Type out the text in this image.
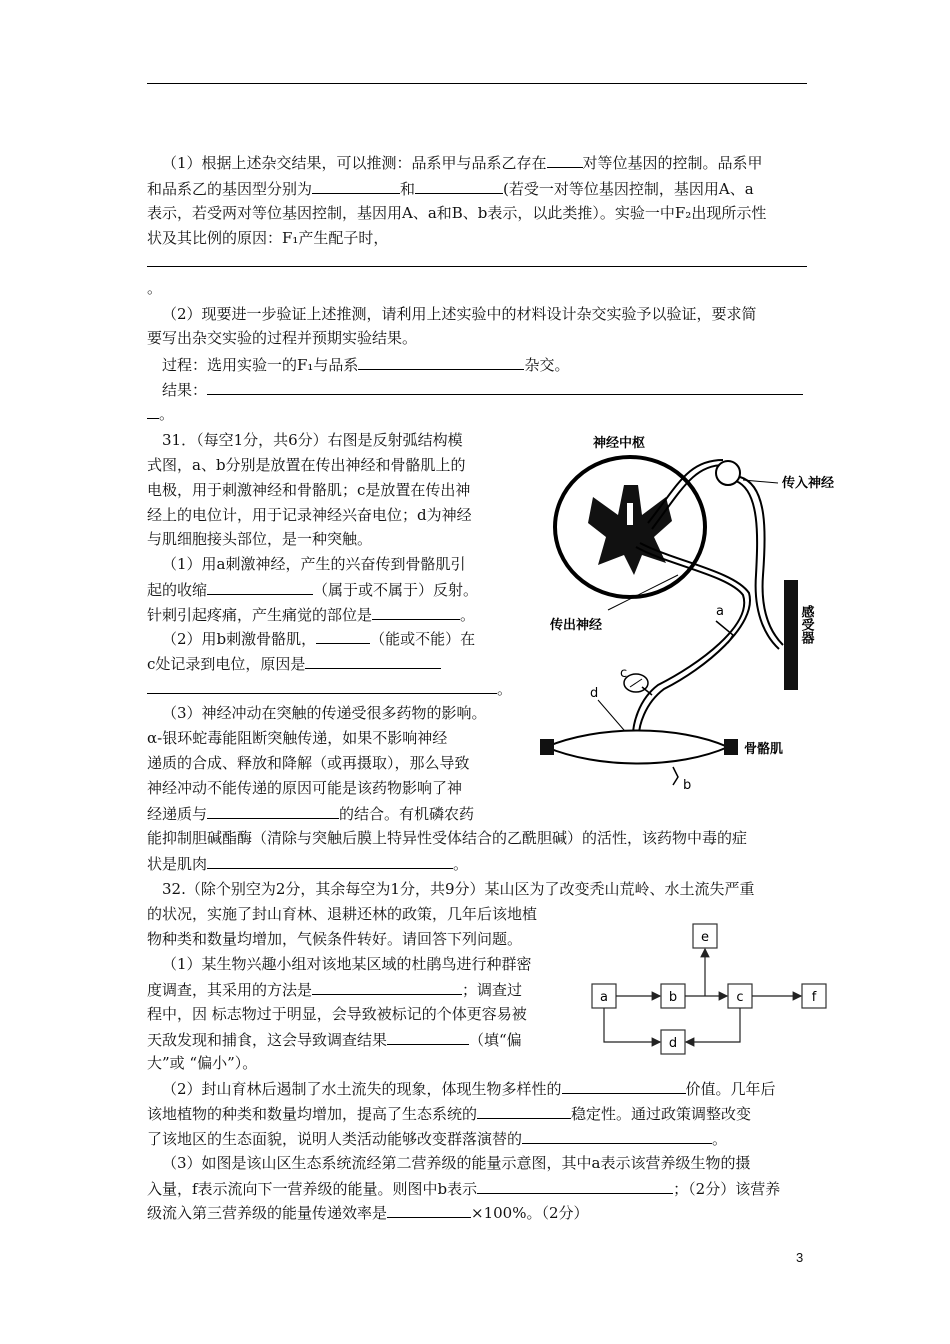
（1）根据上述杂交结果，可以推测：品系甲与品系乙存在 对等位基因的控制。品系甲
和品系乙的基因型分别为	和	(若受一对等位基因控制，基因用A、a
表示，若受两对等位基因控制，基因用A、a和B、b表示，以此类推）。实验一中F₂出现所示性
状及其比例的原因：F₁产生配子时，
。
（2）现要进一步验证上述推测，请利用上述实验中的材料设计杂交实验予以验证，要求简
要写出杂交实验的过程并预期实验结果。
过程：选用实验一的F₁与品系	杂交。
结果：
。
31．（每空1分，共6分）右图是反射弧结构模
式图，a、b分别是放置在传出神经和骨骼肌上的
电极，用于刺激神经和骨骼肌；c是放置在传出神
经上的电位计，用于记录神经兴奋电位；d为神经
与肌细胞接头部位，是一种突触。
（1）用a刺激神经，产生的兴奋传到骨骼肌引
起的收缩	（属于或不属于）反射。
针刺引起疼痛，产生痛觉的部位是	。
（2）用b刺激骨骼肌，	（能或不能）在
c处记录到电位，原因是
。
（3）神经冲动在突触的传递受很多药物的影响。
α-银环蛇毒能阻断突触传递，如果不影响神经
递质的合成、释放和降解（或再摄取），那么导致
神经冲动不能传递的原因可能是该药物影响了神
经递质与	的结合。有机磷农药
能抑制胆碱酯酶（清除与突触后膜上特异性受体结合的乙酰胆碱）的活性，该药物中毒的症
状是肌肉	。
神经中枢
传入神经
感受器
传出神经
a
c
d
骨骼肌
b
32.（除个别空为2分，其余每空为1分，共9分）某山区为了改变秃山荒岭、水土流失严重
的状况，实施了封山育林、退耕还林的政策，几年后该地植
物种类和数量均增加，气候条件转好。请回答下列问题。
（1）某生物兴趣小组对该地某区域的杜鹃鸟进行种群密
度调查，其采用的方法是	；调查过
程中，因 标志物过于明显，会导致被标记的个体更容易被
天敌发现和捕食，这会导致调查结果	（填“偏
大”或 “偏小”）。
（2）封山育林后遏制了水土流失的现象，体现生物多样性的	价值。几年后
该地植物的种类和数量均增加，提高了生态系统的	稳定性。通过政策调整改变
了该地区的生态面貌，说明人类活动能够改变群落演替的	。
（3）如图是该山区生态系统流经第二营养级的能量示意图，其中a表示该营养级生物的摄
入量，f表示流向下一营养级的能量。则图中b表示	；（2分）该营养
级流入第三营养级的能量传递效率是	×100%。（2分）
a	b	c	f
e
d
3
